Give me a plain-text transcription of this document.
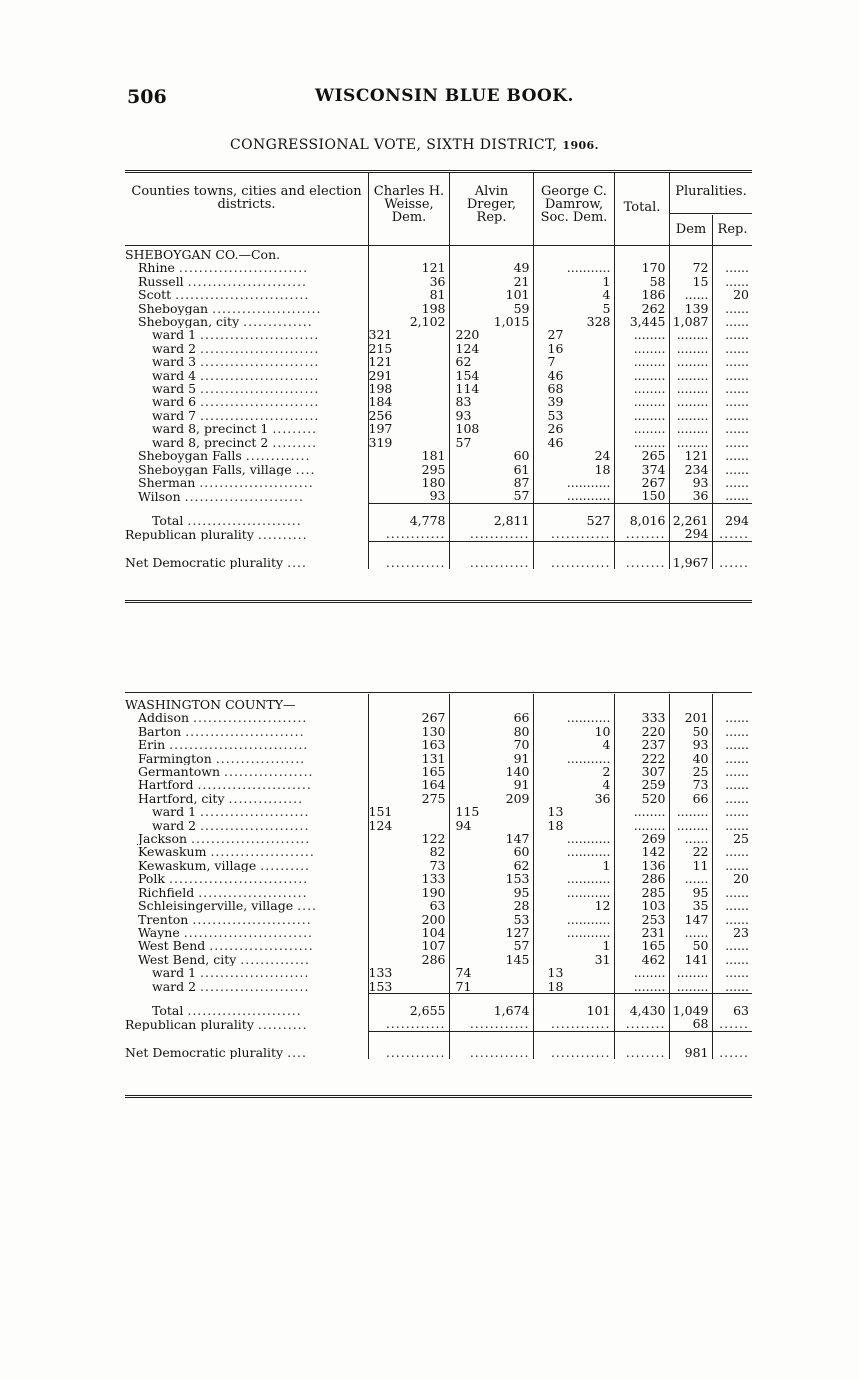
506	WISCONSIN BLUE BOOK.
CONGRESSIONAL VOTE, SIXTH DISTRICT, 1906.
Counties towns, cities and election districts.
Charles H. Weisse, Dem.
Alvin Dreger, Rep.
George C. Damrow, Soc. Dem.
Total.
Pluralities.
Dem Rep.
SHEBOYGAN CO.—Con.						
Rhine ..........................	121	49	...........	170	72	......
Russell ........................	36	21	1	58	15	......
Scott ...........................	81	101	4	186	......	20
Sheboygan ......................	198	59	5	262	139	......
Sheboygan, city ..............	2,102	1,015	328	3,445	1,087	......
ward 1 ........................	321	220	27	........	........	......
ward 2 ........................	215	124	16	........	........	......
ward 3 ........................	121	62	7	........	........	......
ward 4 ........................	291	154	46	........	........	......
ward 5 ........................	198	114	68	........	........	......
ward 6 ........................	184	83	39	........	........	......
ward 7 ........................	256	93	53	........	........	......
ward 8, precinct 1 .........	197	108	26	........	........	......
ward 8, precinct 2 .........	319	57	46	........	........	......
Sheboygan Falls .............	181	60	24	265	121	......
Sheboygan Falls, village ....	295	61	18	374	234	......
Sherman .......................	180	87	...........	267	93	......
Wilson ........................	93	57	...........	150	36	......
Total .......................	4,778	2,811	527	8,016	2,261	294
Republican plurality ..........	............	............	............	........	294	......
Net Democratic plurality ....	............	............	............	........	1,967	......
WASHINGTON COUNTY—						
Addison .......................	267	66	...........	333	201	......
Barton ........................	130	80	10	220	50	......
Erin ............................	163	70	4	237	93	......
Farmington ..................	131	91	...........	222	40	......
Germantown ..................	165	140	2	307	25	......
Hartford .......................	164	91	4	259	73	......
Hartford, city ...............	275	209	36	520	66	......
ward 1 ......................	151	115	13	........	........	......
ward 2 ......................	124	94	18	........	........	......
Jackson ........................	122	147	...........	269	......	25
Kewaskum .....................	82	60	...........	142	22	......
Kewaskum, village ..........	73	62	1	136	11	......
Polk ............................	133	153	...........	286	......	20
Richfield ......................	190	95	...........	285	95	......
Schleisingerville, village ....	63	28	12	103	35	......
Trenton ........................	200	53	...........	253	147	......
Wayne ..........................	104	127	...........	231	......	23
West Bend .....................	107	57	1	165	50	......
West Bend, city ..............	286	145	31	462	141	......
ward 1 ......................	133	74	13	........	........	......
ward 2 ......................	153	71	18	........	........	......
Total .......................	2,655	1,674	101	4,430	1,049	63
Republican plurality ..........	............	............	............	........	68	......
Net Democratic plurality ....	............	............	............	........	981	......
